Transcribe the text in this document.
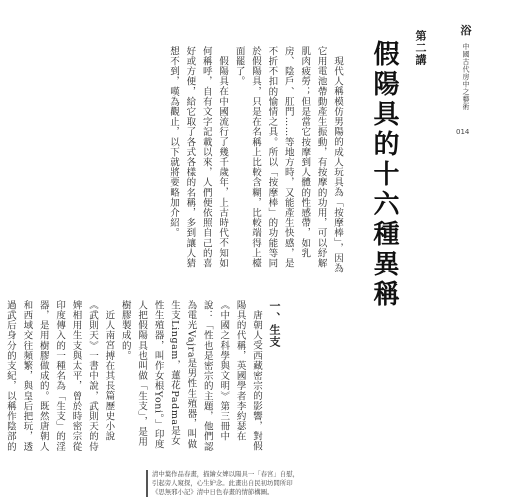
浴
中國古代房中之藝術
014
第二講
假陽具的十六種異稱

現代人稱模仿男陽的成人玩具為「按摩棒」，因為它用電池帶動產生振動，有按摩的功用，可以紓解肌肉疲勞；但是當它按摩到人體的性感帶，如乳房、陰戶、肛門……等地方時，又能產生快感，是不折不扣的愉情之具。所以「按摩棒」的功能等同於假陽具，只是在名稱上比較含糊，比較端得上檯面罷了。

假陽具在中國流行了幾千歲年，上古時代不知如何稱呼，自有文字記載以來，人們便依照自己的喜好或方便，給它取了各式各樣的名稱，多到讓人猜想不到，嘆為觀止，以下就將要略加介紹。

一、生支

唐朝人受西藏密宗的影響，對假陽具的代稱，英國學者李約瑟在《中國之科學與文明》第三冊中說：「性也是密宗的主題，他們認為電光Vajra是男性生殖器，叫做生支Lingam，蓮花Padma是女性生殖器，叫作女根Yoni。」印度人把假陽具也叫做「生支」，是用樹膠製成的。

近人南宮搏在其長篇歷史小說《武則天》一書中說，武則天的侍婢相用生支與太平，曾於時密宗從印度傳入的一種名為「生支」的淫器，是用樹膠做成的。既然唐朝人和西域交往頻繁，與皇后把玩，透過武后身分的支紀，以稱作陰部的

清中葉作品春畫，描繪女婢以陽具一「春宮」自慰，引起旁人窺探，心生妒念。此畫出自民初坊間所印《思無邪小記》清中日色春畫的情節構圖。
